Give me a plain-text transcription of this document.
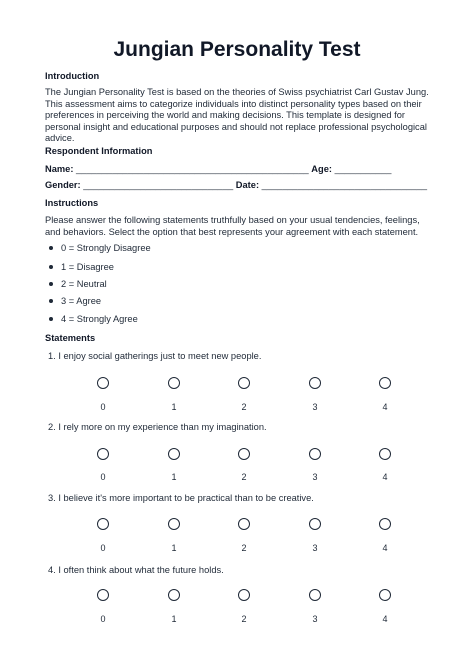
Jungian Personality Test
Introduction
The Jungian Personality Test is based on the theories of Swiss psychiatrist Carl Gustav Jung.
This assessment aims to categorize individuals into distinct personality types based on their
preferences in perceiving the world and making decisions. This template is designed for
personal insight and educational purposes and should not replace professional psychological
advice.
Respondent Information
Name: _____________________________________________ Age: ___________
Gender: _____________________________ Date: ________________________________
Instructions
Please answer the following statements truthfully based on your usual tendencies, feelings,
and behaviors. Select the option that best represents your agreement with each statement.
0 = Strongly Disagree
1 = Disagree
2 = Neutral
3 = Agree
4 = Strongly Agree
Statements
1. I enjoy social gatherings just to meet new people.
0	1	2	3	4
2. I rely more on my experience than my imagination.
0	1	2	3	4
3. I believe it's more important to be practical than to be creative.
0	1	2	3	4
4. I often think about what the future holds.
0	1	2	3	4
